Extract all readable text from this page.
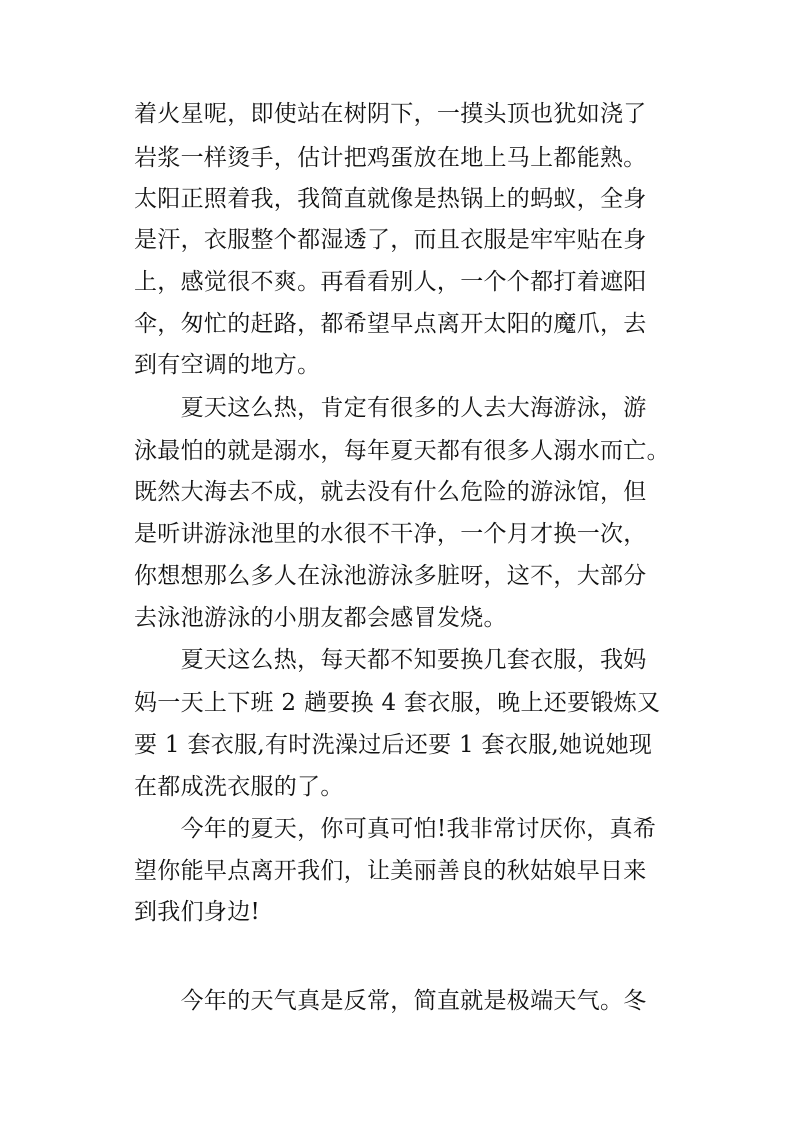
着火星呢，即使站在树阴下，一摸头顶也犹如浇了
岩浆一样烫手，估计把鸡蛋放在地上马上都能熟。
太阳正照着我，我简直就像是热锅上的蚂蚁，全身
是汗，衣服整个都湿透了，而且衣服是牢牢贴在身
上，感觉很不爽。再看看别人，一个个都打着遮阳
伞，匆忙的赶路，都希望早点离开太阳的魔爪，去
到有空调的地方。
　　夏天这么热，肯定有很多的人去大海游泳，游
泳最怕的就是溺水，每年夏天都有很多人溺水而亡。
既然大海去不成，就去没有什么危险的游泳馆，但
是听讲游泳池里的水很不干净，一个月才换一次，
你想想那么多人在泳池游泳多脏呀，这不，大部分
去泳池游泳的小朋友都会感冒发烧。
　　夏天这么热，每天都不知要换几套衣服，我妈
妈一天上下班 2 趟要换 4 套衣服，晚上还要锻炼又
要 1 套衣服,有时洗澡过后还要 1 套衣服,她说她现
在都成洗衣服的了。
　　今年的夏天，你可真可怕!我非常讨厌你，真希
望你能早点离开我们，让美丽善良的秋姑娘早日来
到我们身边!
　　今年的天气真是反常，简直就是极端天气。冬
